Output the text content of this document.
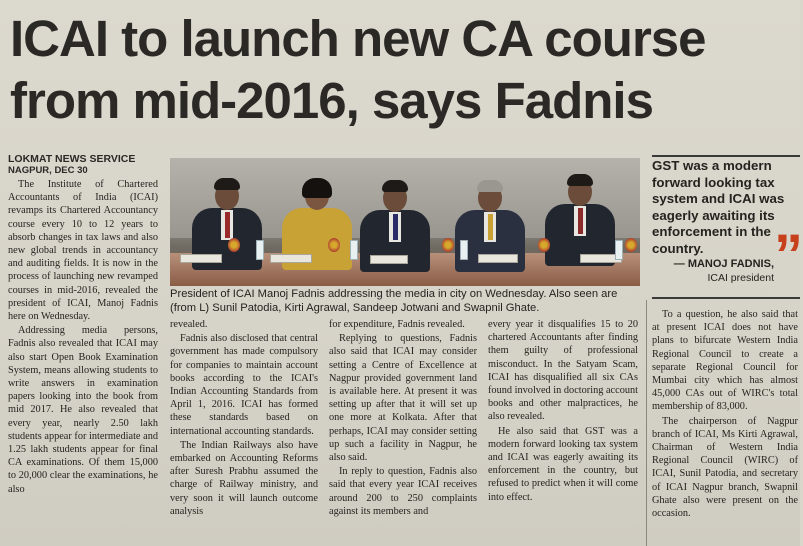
ICAI to launch new CA course
from mid-2016, says Fadnis
LOKMAT NEWS SERVICE
NAGPUR, DEC 30

The Institute of Chartered Accountants of India (ICAI) revamps its Chartered Accountancy course every 10 to 12 years to absorb changes in tax laws and also new global trends in accountancy and auditing fields. It is now in the process of launching new revamped courses in mid-2016, revealed the president of ICAI, Manoj Fadnis here on Wednesday.

Addressing media persons, Fadnis also revealed that ICAI may also start Open Book Examination System, means allowing students to write answers in examination papers looking into the book from mid 2017. He also revealed that every year, nearly 2.50 lakh students appear for intermediate and 1.25 lakh students appear for final CA examinations. Of them 15,000 to 20,000 clear the examinations, he also

President of ICAI Manoj Fadnis addressing the media in city on Wednesday. Also seen are (from L) Sunil Patodia, Kirti Agrawal, Sandeep Jotwani and Swapnil Ghate.
GST was a modern forward looking tax system and ICAI was eagerly awaiting its enforcement in the country.	”
— MANOJ FADNIS,
ICAI president

revealed.

Fadnis also disclosed that central government has made compulsory for companies to maintain account books according to the ICAI's Indian Accounting Standards from April 1, 2016. ICAI has formed these standards based on international accounting standards.

The Indian Railways also have embarked on Accounting Reforms after Suresh Prabhu assumed the charge of Railway ministry, and very soon it will launch outcome analysis

for expenditure, Fadnis revealed.

Replying to questions, Fadnis also said that ICAI may consider setting a Centre of Excellence at Nagpur provided government land is available here. At present it was setting up after that it will set up one more at Kolkata. After that perhaps, ICAI may consider setting up such a facility in Nagpur, he also said.

In reply to question, Fadnis also said that every year ICAI receives around 200 to 250 complaints against its members and

every year it disqualifies 15 to 20 chartered Accountants after finding them guilty of professional misconduct. In the Satyam Scam, ICAI has disqualified all six CAs found involved in doctoring account books and other malpractices, he also revealed.

He also said that GST was a modern forward looking tax system and ICAI was eagerly awaiting its enforcement in the country, but refused to predict when it will come into effect.

To a question, he also said that at present ICAI does not have plans to bifurcate Western India Regional Council to create a separate Regional Council for Mumbai city which has almost 45,000 CAs out of WIRC's total membership of 83,000.

The chairperson of Nagpur branch of ICAI, Ms Kirti Agrawal, Chairman of Western India Regional Council (WIRC) of ICAI, Sunil Patodia, and secretary of ICAI Nagpur branch, Swapnil Ghate also were present on the occasion.
